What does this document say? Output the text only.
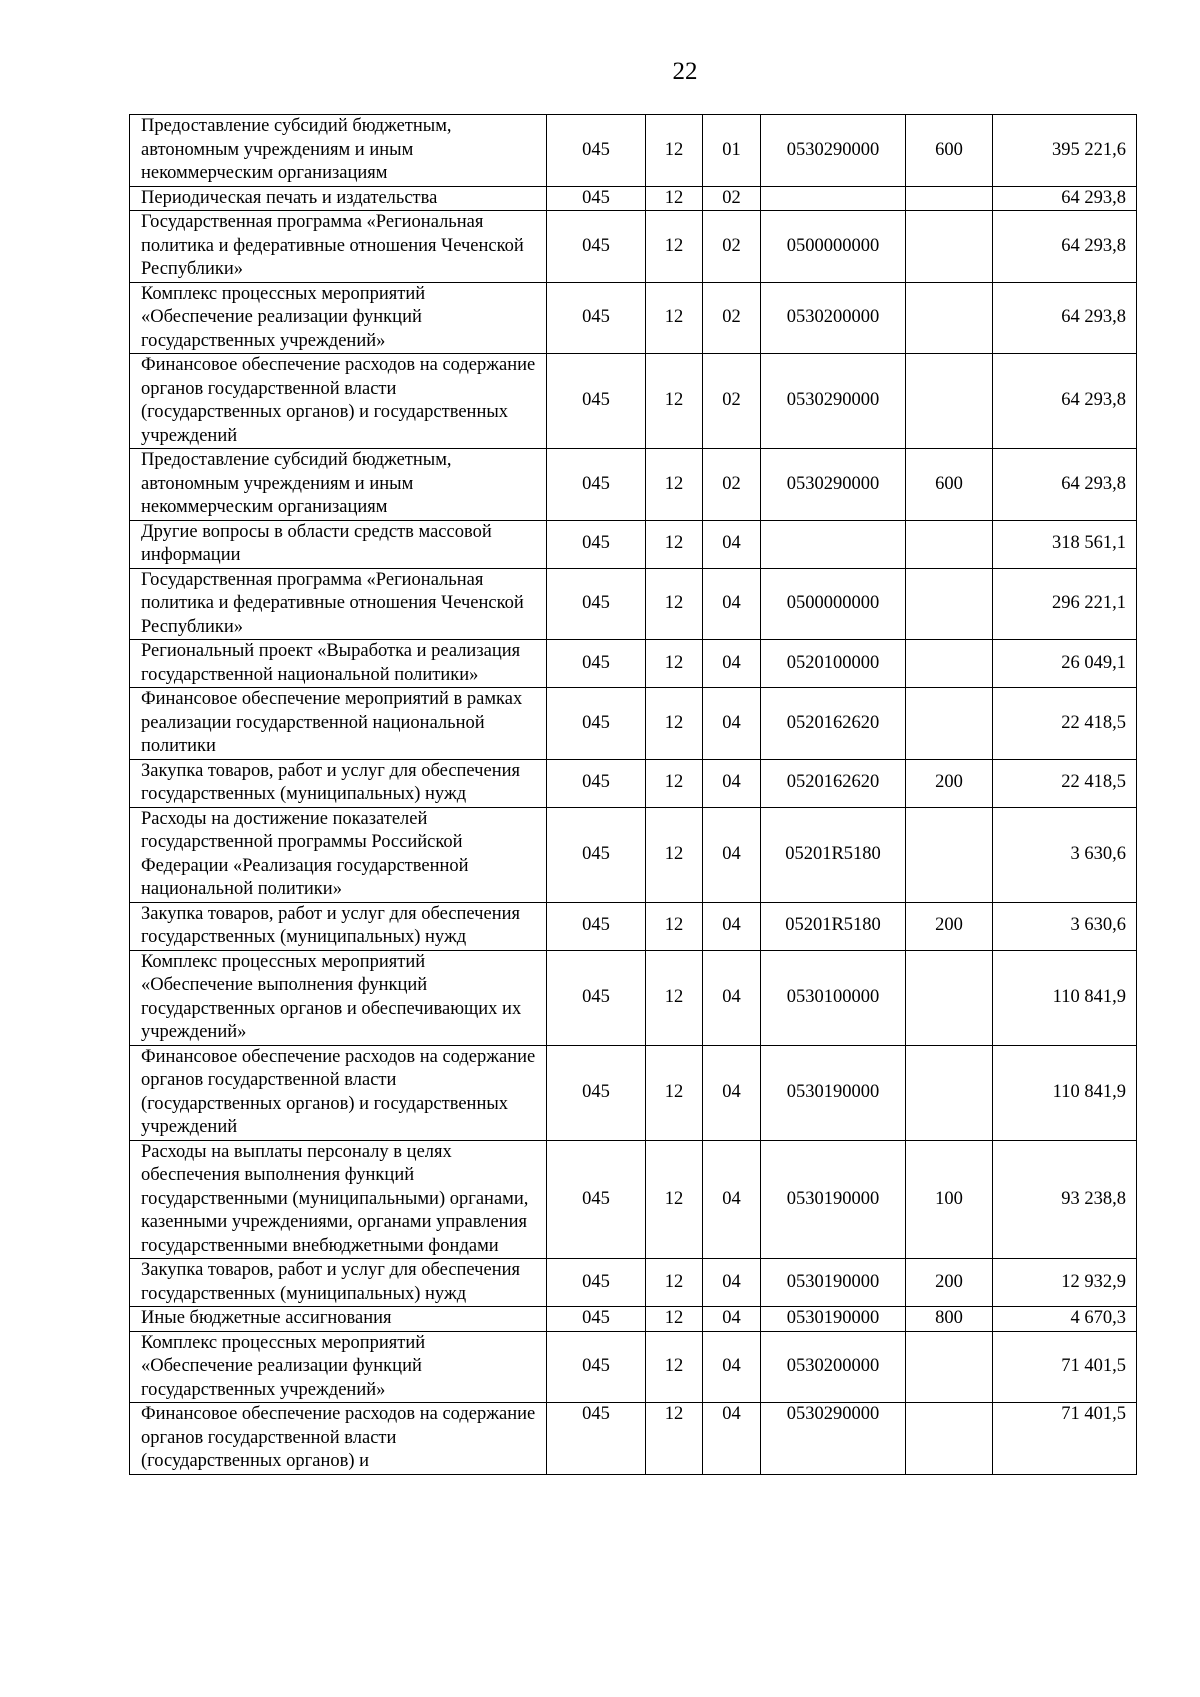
22
Предоставление субсидий бюджетным, автономным учреждениям и иным некоммерческим организациям	045	12	01	0530290000	600	395 221,6
Периодическая печать и издательства	045	12	02			64 293,8
Государственная программа «Региональная политика и федеративные отношения Чеченской Республики»	045	12	02	0500000000		64 293,8
Комплекс процессных мероприятий «Обеспечение реализации функций государственных учреждений»	045	12	02	0530200000		64 293,8
Финансовое обеспечение расходов на содержание органов государственной власти (государственных органов) и государственных учреждений	045	12	02	0530290000		64 293,8
Предоставление субсидий бюджетным, автономным учреждениям и иным некоммерческим организациям	045	12	02	0530290000	600	64 293,8
Другие вопросы в области средств массовой информации	045	12	04			318 561,1
Государственная программа «Региональная политика и федеративные отношения Чеченской Республики»	045	12	04	0500000000		296 221,1
Региональный проект «Выработка и реализация государственной национальной политики»	045	12	04	0520100000		26 049,1
Финансовое обеспечение мероприятий в рамках реализации государственной национальной политики	045	12	04	0520162620		22 418,5
Закупка товаров, работ и услуг для обеспечения государственных (муниципальных) нужд	045	12	04	0520162620	200	22 418,5
Расходы на достижение показателей государственной программы Российской Федерации «Реализация государственной национальной политики»	045	12	04	05201R5180		3 630,6
Закупка товаров, работ и услуг для обеспечения государственных (муниципальных) нужд	045	12	04	05201R5180	200	3 630,6
Комплекс процессных мероприятий «Обеспечение выполнения функций государственных органов и обеспечивающих их учреждений»	045	12	04	0530100000		110 841,9
Финансовое обеспечение расходов на содержание органов государственной власти (государственных органов) и государственных учреждений	045	12	04	0530190000		110 841,9
Расходы на выплаты персоналу в целях обеспечения выполнения функций государственными (муниципальными) органами, казенными учреждениями, органами управления государственными внебюджетными фондами	045	12	04	0530190000	100	93 238,8
Закупка товаров, работ и услуг для обеспечения государственных (муниципальных) нужд	045	12	04	0530190000	200	12 932,9
Иные бюджетные ассигнования	045	12	04	0530190000	800	4 670,3
Комплекс процессных мероприятий «Обеспечение реализации функций государственных учреждений»	045	12	04	0530200000		71 401,5
Финансовое обеспечение расходов на содержание органов государственной власти (государственных органов) и	045	12	04	0530290000		71 401,5
